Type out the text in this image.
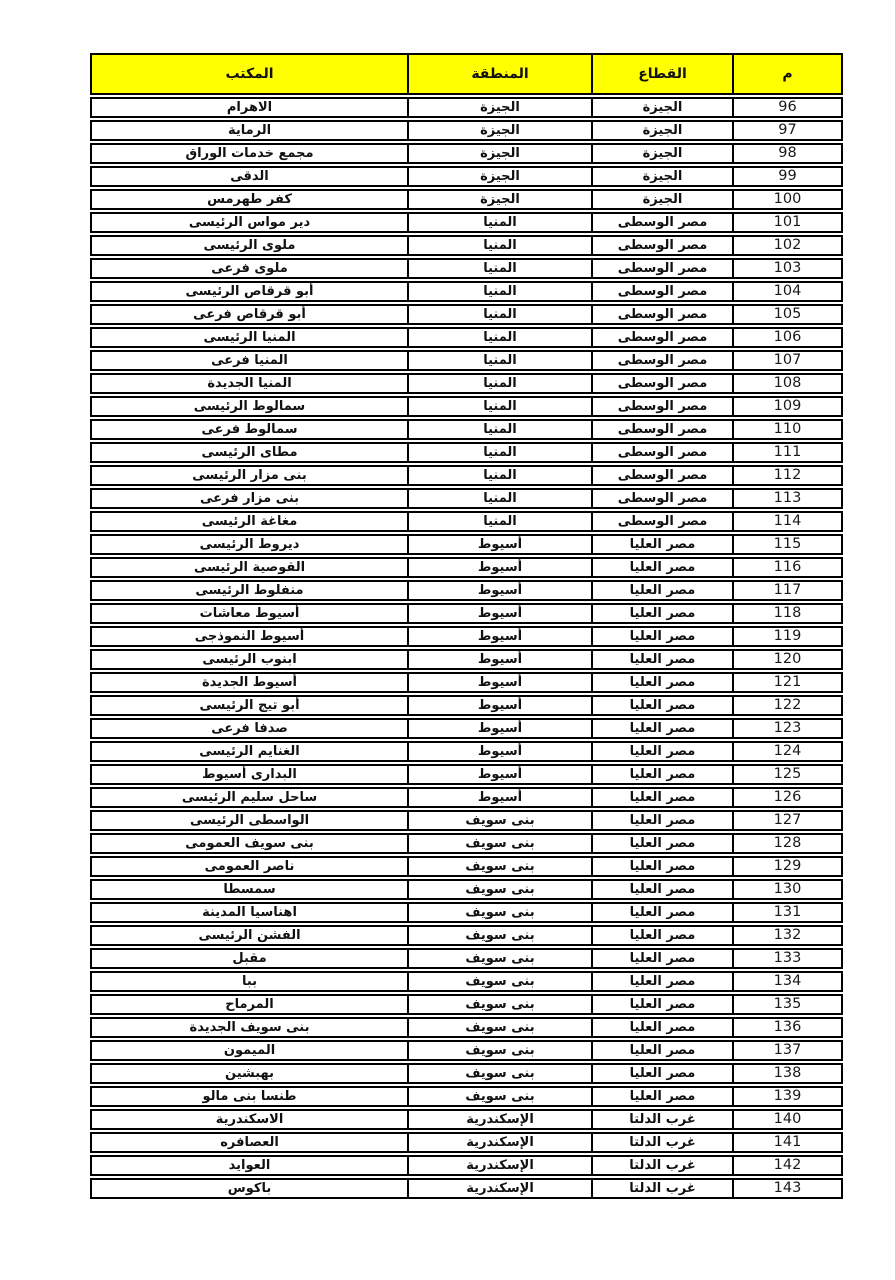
م
القطاع
المنطقة
المكتب
96
الجيزة
الجيزة
الاهرام
97
الجيزة
الجيزة
الرماية
98
الجيزة
الجيزة
مجمع خدمات الوراق
99
الجيزة
الجيزة
الدقى
100
الجيزة
الجيزة
كفر طهرمس
101
مصر الوسطى
المنيا
دير مواس الرئيسى
102
مصر الوسطى
المنيا
ملوى الرئيسى
103
مصر الوسطى
المنيا
ملوى فرعى
104
مصر الوسطى
المنيا
أبو قرقاص الرئيسى
105
مصر الوسطى
المنيا
أبو قرقاص فرعى
106
مصر الوسطى
المنيا
المنيا الرئيسى
107
مصر الوسطى
المنيا
المنيا فرعى
108
مصر الوسطى
المنيا
المنيا الجديدة
109
مصر الوسطى
المنيا
سمالوط الرئيسى
110
مصر الوسطى
المنيا
سمالوط فرعى
111
مصر الوسطى
المنيا
مطاى الرئيسى
112
مصر الوسطى
المنيا
بنى مزار الرئيسى
113
مصر الوسطى
المنيا
بنى مزار فرعى
114
مصر الوسطى
المنيا
مغاغة الرئيسى
115
مصر العليا
أسيوط
ديروط الرئيسى
116
مصر العليا
أسيوط
القوصية الرئيسى
117
مصر العليا
أسيوط
منفلوط الرئيسى
118
مصر العليا
أسيوط
أسيوط معاشات
119
مصر العليا
أسيوط
أسيوط النموذجى
120
مصر العليا
أسيوط
ابنوب الرئيسى
121
مصر العليا
أسيوط
أسيوط الجديدة
122
مصر العليا
أسيوط
أبو تيج الرئيسى
123
مصر العليا
أسيوط
صدفا فرعى
124
مصر العليا
أسيوط
الغنايم الرئيسى
125
مصر العليا
أسيوط
البدارى أسيوط
126
مصر العليا
أسيوط
ساحل سليم الرئيسى
127
مصر العليا
بنى سويف
الواسطى الرئيسى
128
مصر العليا
بنى سويف
بنى سويف العمومى
129
مصر العليا
بنى سويف
ناصر العمومى
130
مصر العليا
بنى سويف
سمسطا
131
مصر العليا
بنى سويف
اهناسيا المدينة
132
مصر العليا
بنى سويف
الفشن الرئيسى
133
مصر العليا
بنى سويف
مقبل
134
مصر العليا
بنى سويف
ببا
135
مصر العليا
بنى سويف
المرماح
136
مصر العليا
بنى سويف
بنى سويف الجديدة
137
مصر العليا
بنى سويف
الميمون
138
مصر العليا
بنى سويف
بهبشين
139
مصر العليا
بنى سويف
طنسا بنى مالو
140
غرب الدلتا
الإسكندرية
الاسكندرية
141
غرب الدلتا
الإسكندرية
العصافره
142
غرب الدلتا
الإسكندرية
العوايد
143
غرب الدلتا
الإسكندرية
باكوس
